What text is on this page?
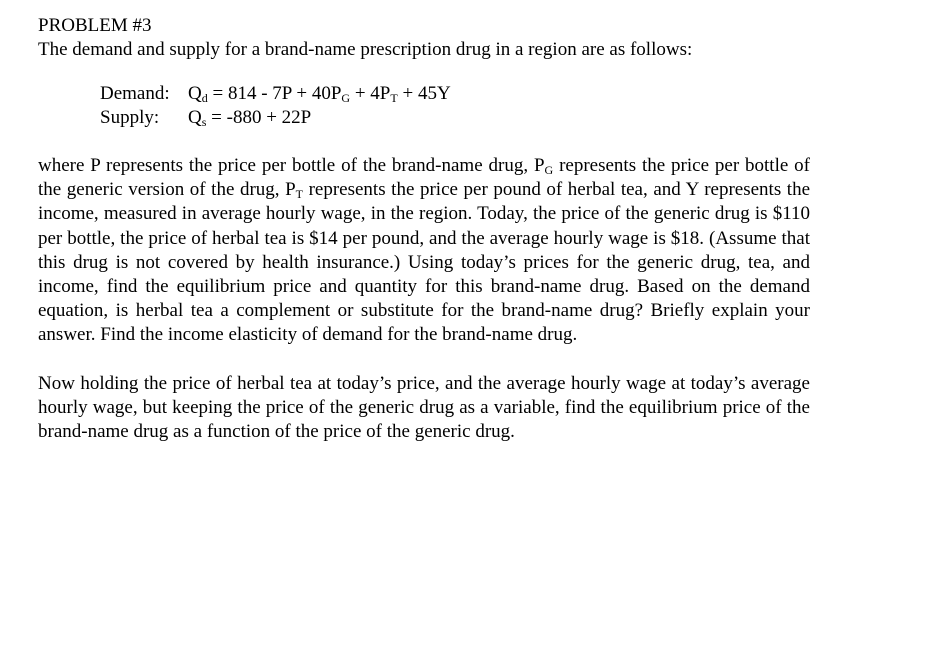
PROBLEM #3
The demand and supply for a brand-name prescription drug in a region are as follows:
Demand: $Q_d = 814 - 7P + 40P_G + 4P_T + 45Y$
Supply:	$Q_s = -880 + 22P$

where P represents the price per bottle of the brand-name drug, $P_G$ represents the price per bottle of the generic version of the drug, $P_T$ represents the price per pound of herbal tea, and Y represents the income, measured in average hourly wage, in the region. Today, the price of the generic drug is $110 per bottle, the price of herbal tea is $14 per pound, and the average hourly wage is $18. (Assume that this drug is not covered by health insurance.) Using today’s prices for the generic drug, tea, and income, find the equilibrium price and quantity for this brand-name drug. Based on the demand equation, is herbal tea a complement or substitute for the brand-name drug? Briefly explain your answer. Find the income elasticity of demand for the brand-name drug.

Now holding the price of herbal tea at today’s price, and the average hourly wage at today’s average hourly wage, but keeping the price of the generic drug as a variable, find the equilibrium price of the brand-name drug as a function of the price of the generic drug.
